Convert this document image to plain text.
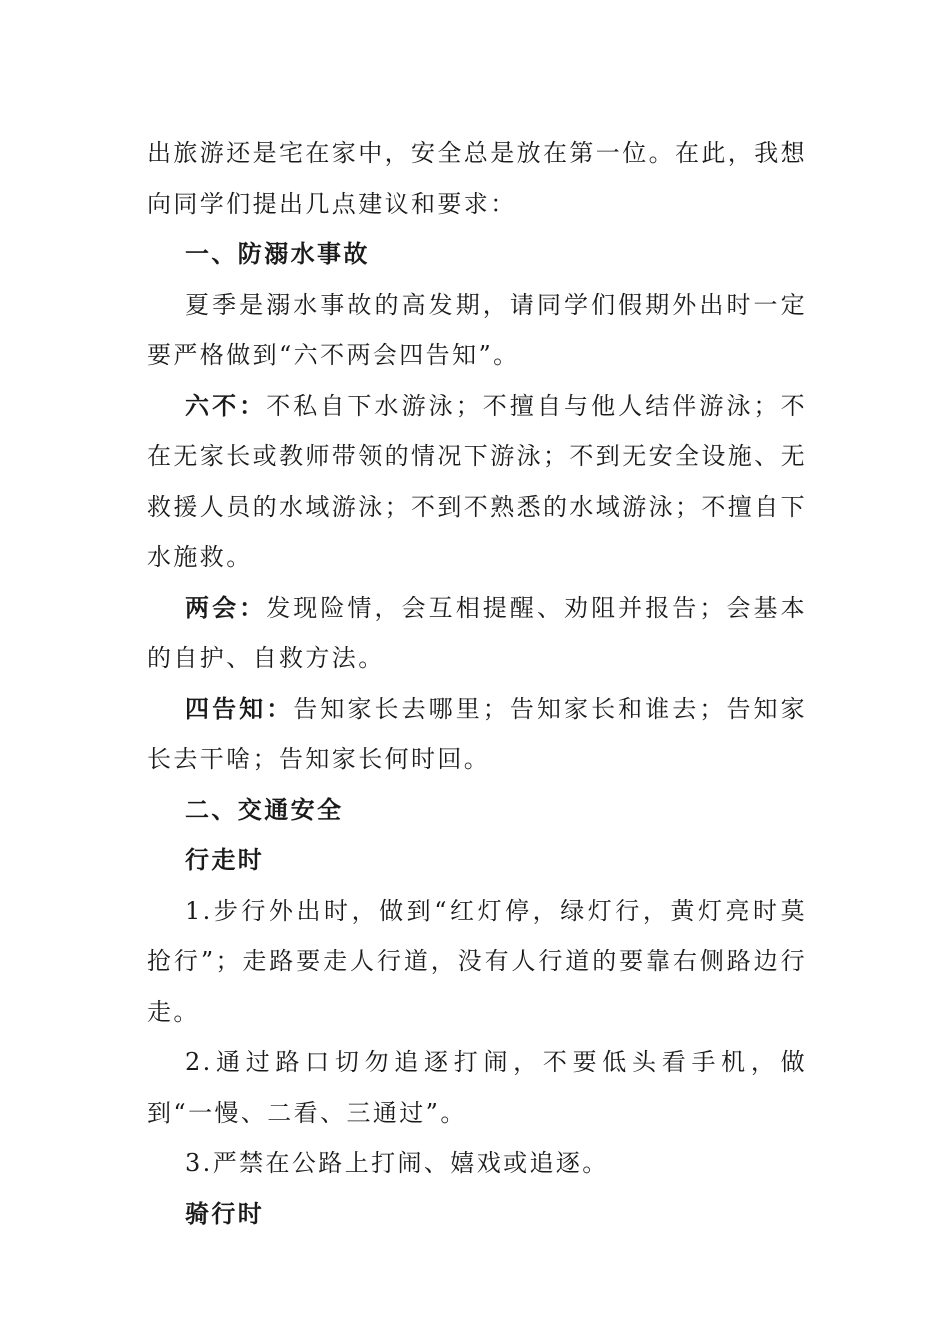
出旅游还是宅在家中，安全总是放在第一位。在此，我想向同学们提出几点建议和要求：

一、防溺水事故

夏季是溺水事故的高发期，请同学们假期外出时一定要严格做到“六不两会四告知”。

六不：不私自下水游泳；不擅自与他人结伴游泳；不在无家长或教师带领的情况下游泳；不到无安全设施、无救援人员的水域游泳；不到不熟悉的水域游泳；不擅自下水施救。

两会：发现险情，会互相提醒、劝阻并报告；会基本的自护、自救方法。

四告知：告知家长去哪里；告知家长和谁去；告知家长去干啥；告知家长何时回。

二、交通安全

行走时

1.步行外出时，做到“红灯停，绿灯行，黄灯亮时莫抢行”；走路要走人行道，没有人行道的要靠右侧路边行走。

2.通过路口切勿追逐打闹，不要低头看手机，做到“一慢、二看、三通过”。

3.严禁在公路上打闹、嬉戏或追逐。

骑行时
